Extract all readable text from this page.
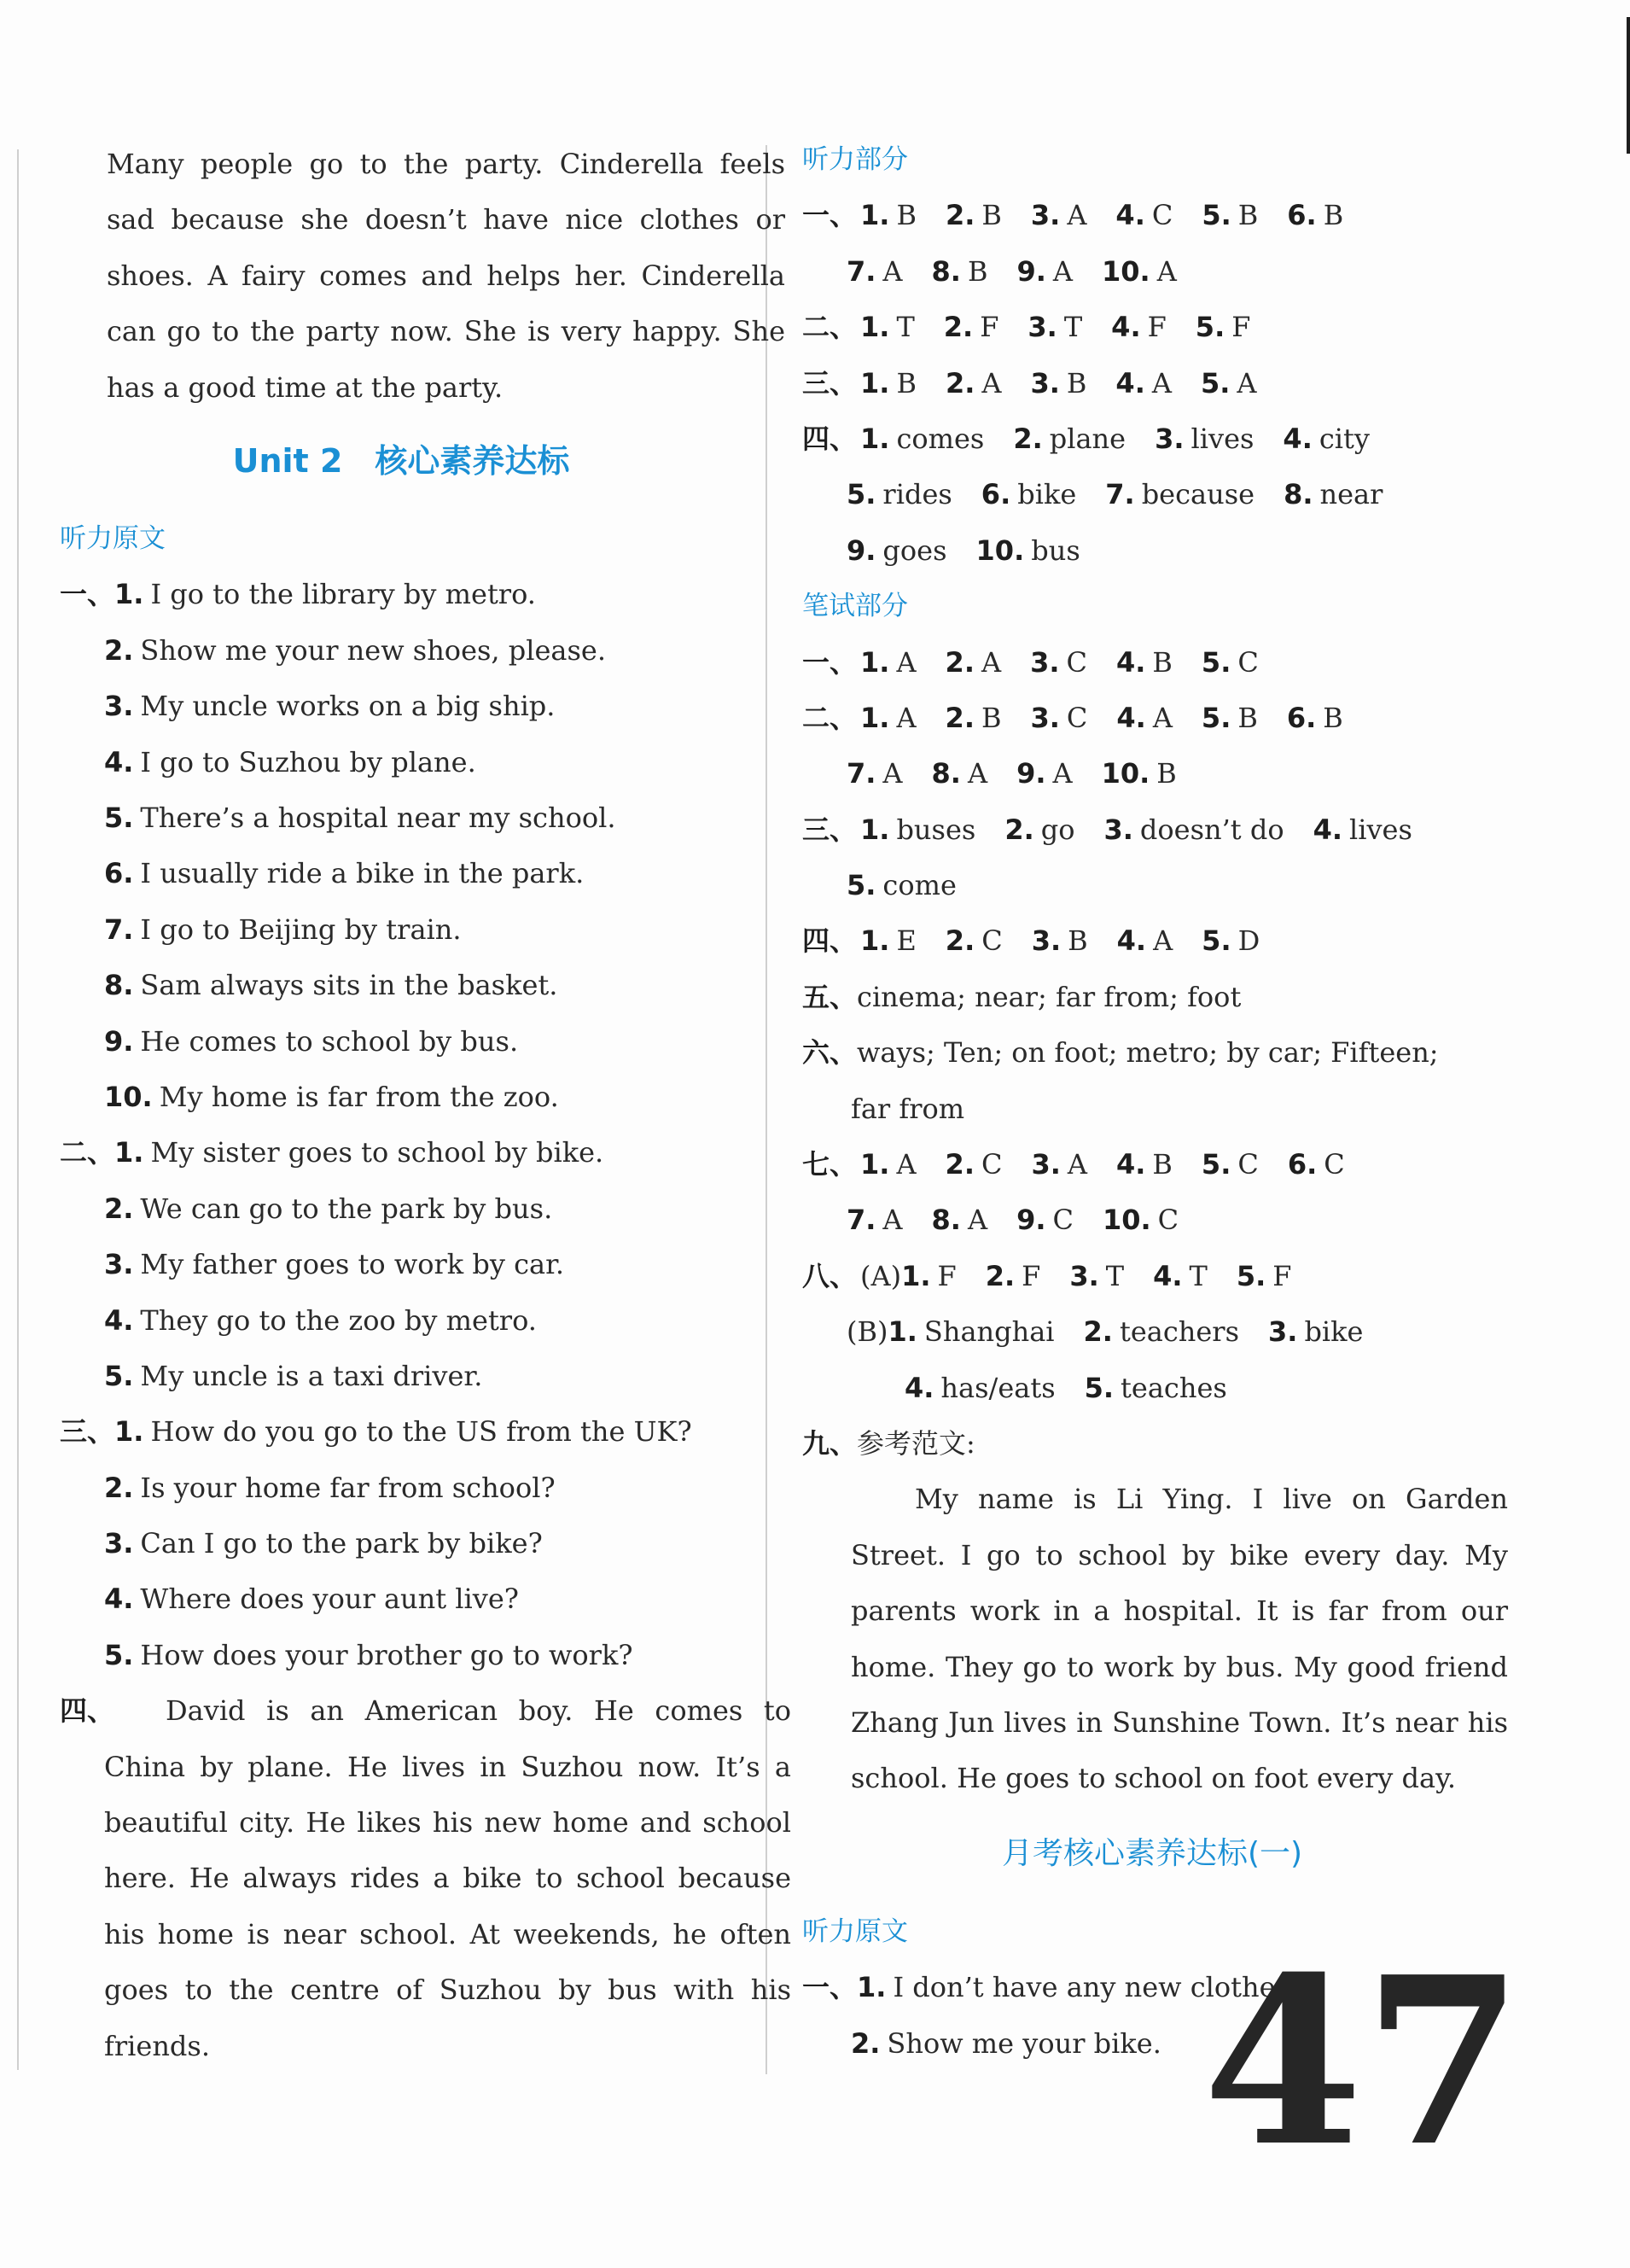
Many people go to the party. Cinderella feels sad because she doesn’t have nice clothes or shoes. A fairy comes and helps her. Cinderella can go to the party now. She is very happy. She has a good time at the party.
Unit 2　核心素养达标
听力原文
一、1. I go to the library by metro.
2. Show me your new shoes, please.
3. My uncle works on a big ship.
4. I go to Suzhou by plane.
5. There’s a hospital near my school.
6. I usually ride a bike in the park.
7. I go to Beijing by train.
8. Sam always sits in the basket.
9. He comes to school by bus.
10. My home is far from the zoo.
二、1. My sister goes to school by bike.
2. We can go to the park by bus.
3. My father goes to work by car.
4. They go to the zoo by metro.
5. My uncle is a taxi driver.
三、1. How do you go to the US from the UK?
2. Is your home far from school?
3. Can I go to the park by bike?
4. Where does your aunt live?
5. How does your brother go to work?
四、 David is an American boy. He comes to China by plane. He lives in Suzhou now. It’s a beautiful city. He likes his new home and school here. He always rides a bike to school because his home is near school. At weekends, he often goes to the centre of Suzhou by bus with his friends.
听力部分
一、 1. B 2. B 3. A 4. C 5. B 6. B
7. A 8. B 9. A 10. A
二、 1. T 2. F 3. T 4. F 5. F
三、 1. B 2. A 3. B 4. A 5. A
四、 1. comes 2. plane 3. lives 4. city
5. rides 6. bike 7. because 8. near
9. goes 10. bus
笔试部分
一、 1. A 2. A 3. C 4. B 5. C
二、 1. A 2. B 3. C 4. A 5. B 6. B
7. A 8. A 9. A 10. B
三、 1. buses 2. go 3. doesn’t do 4. lives
5. come
四、 1. E 2. C 3. B 4. A 5. D
五、cinema; near; far from; foot
六、ways; Ten; on foot; metro; by car; Fifteen;
far from
七、 1. A 2. C 3. A 4. B 5. C 6. C
7. A 8. A 9. C 10. C
八、 (A)1. F 2. F 3. T 4. T 5. F
(B)1. Shanghai 2. teachers 3. bike
4. has/eats 5. teaches
九、参考范文:
My name is Li Ying. I live on Garden Street. I go to school by bike every day. My parents work in a hospital. It is far from our home. They go to work by bus. My good friend Zhang Jun lives in Sunshine Town. It’s near his school. He goes to school on foot every day.
月考核心素养达标(一)
听力原文
一、1. I don’t have any new clothes.
2. Show me your bike. 47
